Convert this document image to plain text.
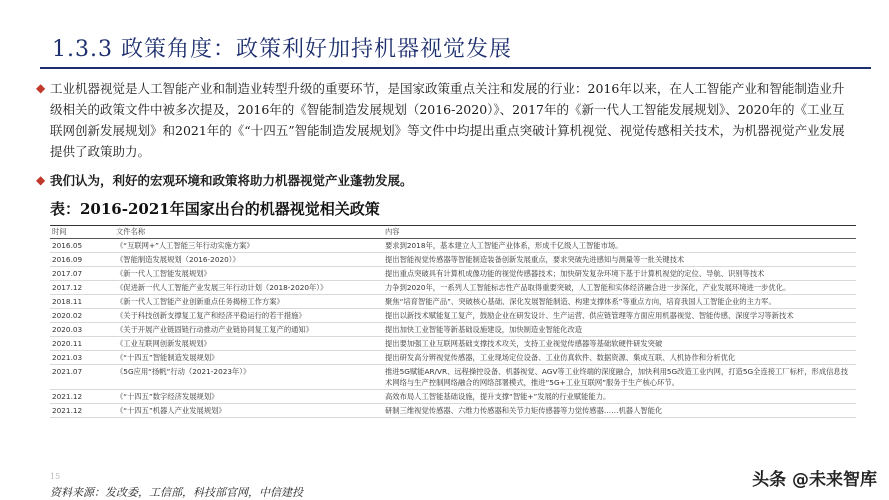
1.3.3 政策角度：政策利好加持机器视觉发展
◆ 工业机器视觉是人工智能产业和制造业转型升级的重要环节，是国家政策重点关注和发展的行业：2016年以来，在人工智能产业和智能制造业升级相关的政策文件中被多次提及，2016年的《智能制造发展规划（2016-2020）》、2017年的《新一代人工智能发展规划》、2020年的《工业互联网创新发展规划》和2021年的《“十四五”智能制造发展规划》等文件中均提出重点突破计算机视觉、视觉传感相关技术，为机器视觉产业发展提供了政策助力。
◆ 我们认为，利好的宏观环境和政策将助力机器视觉产业蓬勃发展。
表：2016-2021年国家出台的机器视觉相关政策
时间	文件名称	内容
2016.05	《“互联网+”人工智能三年行动实施方案》	要求到2018年，基本建立人工智能产业体系，形成千亿级人工智能市场。
2016.09	《智能制造发展规划（2016-2020）》	提出智能视觉传感器等智能制造装备创新发展重点，要求突破先进感知与测量等一批关键技术
2017.07	《新一代人工智能发展规划》	提出重点突破具有计算机成像功能的视觉传感器技术；加快研发复杂环境下基于计算机视觉的定位、导航、识别等技术
2017.12	《促进新一代人工智能产业发展三年行动计划（2018-2020年）》	力争到2020年，一系列人工智能标志性产品取得重要突破，人工智能和实体经济融合进一步深化，产业发展环境进一步优化。
2018.11	《新一代人工智能产业创新重点任务揭榜工作方案》	聚焦“培育智能产品”、突破核心基础、深化发展智能制造、构建支撑体系”等重点方向，培育我国人工智能企业的主力军。
2020.02	《关于科技创新支撑复工复产和经济平稳运行的若干措施》	提出以新技术赋能复工复产，鼓励企业在研发设计、生产运营、供应链管理等方面应用机器视觉、智能传感、深度学习等新技术
2020.03	《关于开展产业链固链行动推动产业链协同复工复产的通知》	提出加快工业智能等新基础设施建设，加快制造业智能化改造
2020.11	《工业互联网创新发展规划》	提出要加强工业互联网基础支撑技术攻关，支持工业视觉传感器等基础软硬件研发突破
2021.03	《“十四五”智能制造发展规划》	提出研发高分辨视觉传感器，工业现场定位设备、工业仿真软件、数据资源、集成互联、人机协作和分析优化
2021.07	《5G应用“扬帆”行动（2021-2023年）》	推进5G赋能AR/VR、远程操控设备、机器视觉、AGV等工业终端的深度融合，加快利用5G改造工业内网，打造5G全连接工厂标杆，形成信息技术网络与生产控制网络融合的网络部署模式，推进“5G+工业互联网”服务于生产核心环节。
2021.12	《“十四五”数字经济发展规划》	高效布局人工智能基础设施，提升支撑“智能+”发展的行业赋能能力。
2021.12	《“十四五”机器人产业发展规划》	研制三维视觉传感器、六维力传感器和关节力矩传感器等力觉传感器……机器人智能化
15
资料来源：发改委，工信部，科技部官网，中信建投
头条 @未来智库
